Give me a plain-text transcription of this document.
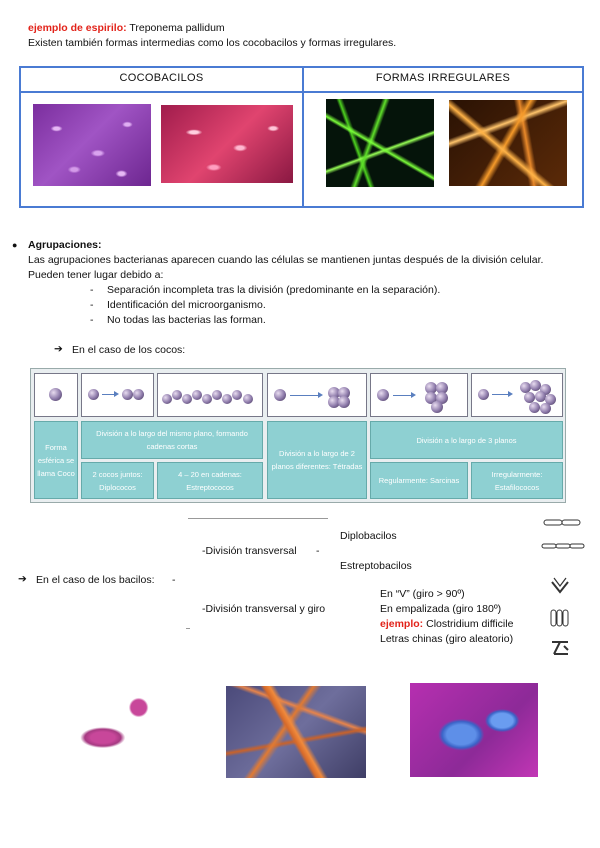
ejemplo de espirilo: Treponema pallidum
Existen también formas intermedias como los cocobacilos y formas irregulares.
COCOBACILOS	FORMAS IRREGULARES
● Agrupaciones:
Las agrupaciones bacterianas aparecen cuando las células se mantienen juntas después de la división celular.
Pueden tener lugar debido a:
- Separación incompleta tras la división (predominante en la separación).
- Identificación del microorganismo.
- No todas las bacterias las forman.
➔ En el caso de los cocos:
Forma esférica se llama Coco
División a lo largo del mismo plano, formando cadenas cortas
2 cocos juntos: Diplococos
4 – 20 en cadenas: Estreptococos
División a lo largo de 2 planos diferentes: Tétradas
División a lo largo de 3 planos
Regularmente: Sarcinas
Irregularmente: Estafilococos
Diplobacilos
-División transversal -
Estreptobacilos
➔ En el caso de los bacilos: -
En “V” (giro > 90º)
-División transversal y giro	En empalizada (giro 180º)
ejemplo: Clostridium difficile
Letras chinas (giro aleatorio)
